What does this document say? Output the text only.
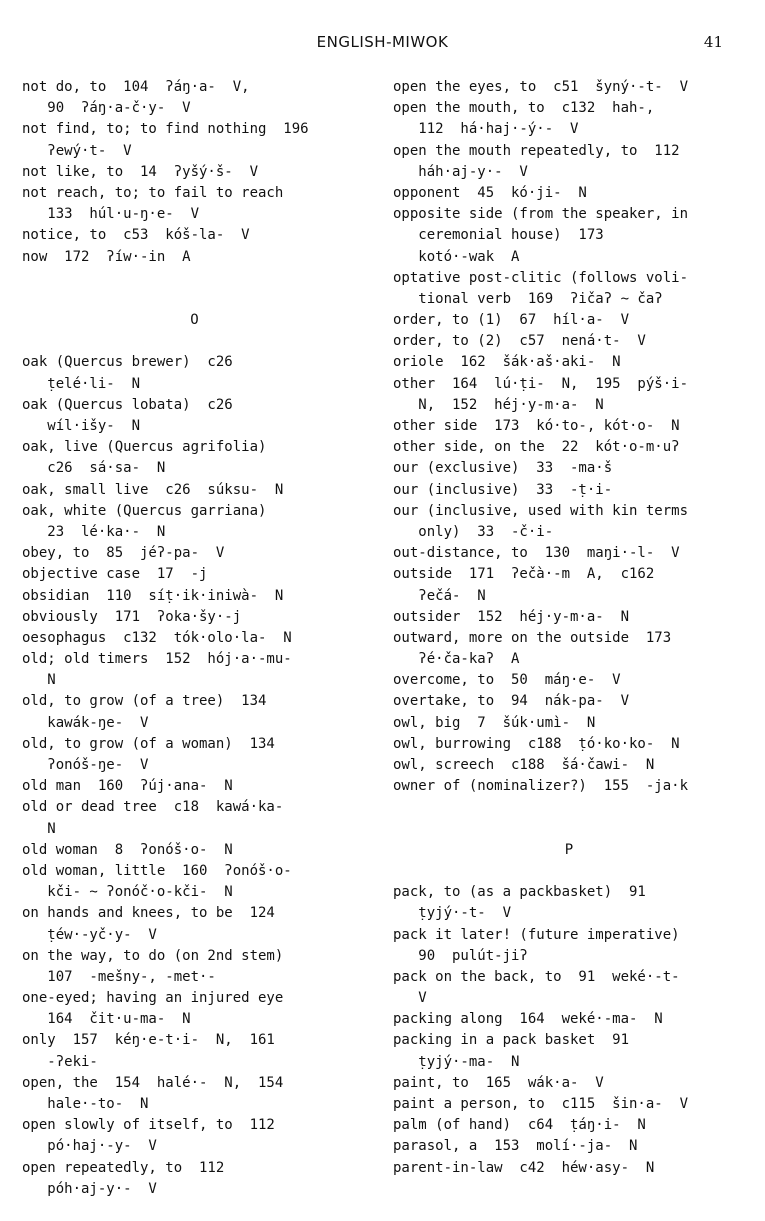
ENGLISH-MIWOK	41
not do, to  104  ʔáŋ·a-  V,
90  ʔáŋ·a-č·y-  V
not find, to; to find nothing  196
ʔewý·t-  V
not like, to  14  ʔyšý·š-  V
not reach, to; to fail to reach
133  húl·u-ŋ·e-  V
notice, to  c53  kóš-la-  V
now  172  ʔíw·-in  A
O
oak (Quercus brewer)  c26
ṭelé·li-  N
oak (Quercus lobata)  c26
wíl·išy-  N
oak, live (Quercus agrifolia)
c26  sá·sa-  N
oak, small live  c26  súksu-  N
oak, white (Quercus garriana)
23  lé·ka·-  N
obey, to  85  jéʔ-pa-  V
objective case  17  -j
obsidian  110  síṭ·ik·iniwà-  N
obviously  171  ʔoka·šy·-j
oesophagus  c132  tók·olo·la-  N
old; old timers  152  hój·a·-mu-
N
old, to grow (of a tree)  134
kawák-ŋe-  V
old, to grow (of a woman)  134
ʔonóš-ŋe-  V
old man  160  ʔúj·ana-  N
old or dead tree  c18  kawá·ka-
N
old woman  8  ʔonóš·o-  N
old woman, little  160  ʔonóš·o-
kči- ~ ʔonóč·o-kči-  N
on hands and knees, to be  124
ṭéw·-yč·y-  V
on the way, to do (on 2nd stem)
107  -mešny-, -met·-
one-eyed; having an injured eye
164  čit·u-ma-  N
only  157  kéŋ·e-t·i-  N,  161
-ʔeki-
open, the  154  halé·-  N,  154
hale·-to-  N
open slowly of itself, to  112
pó·haj·-y-  V
open repeatedly, to  112
póh·aj-y·-  V
open the eyes, to  c51  šyný·-t-  V
open the mouth, to  c132  hah-,
112  há·haj·-ý·-  V
open the mouth repeatedly, to  112
háh·aj-y·-  V
opponent  45  kó·ji-  N
opposite side (from the speaker, in
ceremonial house)  173
kotó·-wak  A
optative post-clitic (follows voli-
tional verb  169  ʔičaʔ ~ čaʔ
order, to (1)  67  híl·a-  V
order, to (2)  c57  nená·t-  V
oriole  162  šák·aš·aki-  N
other  164  lú·ṭi-  N,  195  pýš·i-
N,  152  héj·y-m·a-  N
other side  173  kó·to-, kót·o-  N
other side, on the  22  kót·o-m·uʔ
our (exclusive)  33  -ma·š
our (inclusive)  33  -ṭ·i-
our (inclusive, used with kin terms
only)  33  -č·i-
out-distance, to  130  maŋi·-l-  V
outside  171  ʔečà·-m  A,  c162
ʔečá-  N
outsider  152  héj·y-m·a-  N
outward, more on the outside  173
ʔé·ča-kaʔ  A
overcome, to  50  máŋ·e-  V
overtake, to  94  nák-pa-  V
owl, big  7  šúk·umì-  N
owl, burrowing  c188  ṭó·ko·ko-  N
owl, screech  c188  šá·čawi-  N
owner of (nominalizer?)  155  -ja·k
P
pack, to (as a packbasket)  91
ṭyjý·-t-  V
pack it later! (future imperative)
90  pulút-jiʔ
pack on the back, to  91  weké·-t-
V
packing along  164  weké·-ma-  N
packing in a pack basket  91
ṭyjý·-ma-  N
paint, to  165  wák·a-  V
paint a person, to  c115  šin·a-  V
palm (of hand)  c64  ṭáŋ·i-  N
parasol, a  153  molí·-ja-  N
parent-in-law  c42  héw·asy-  N
